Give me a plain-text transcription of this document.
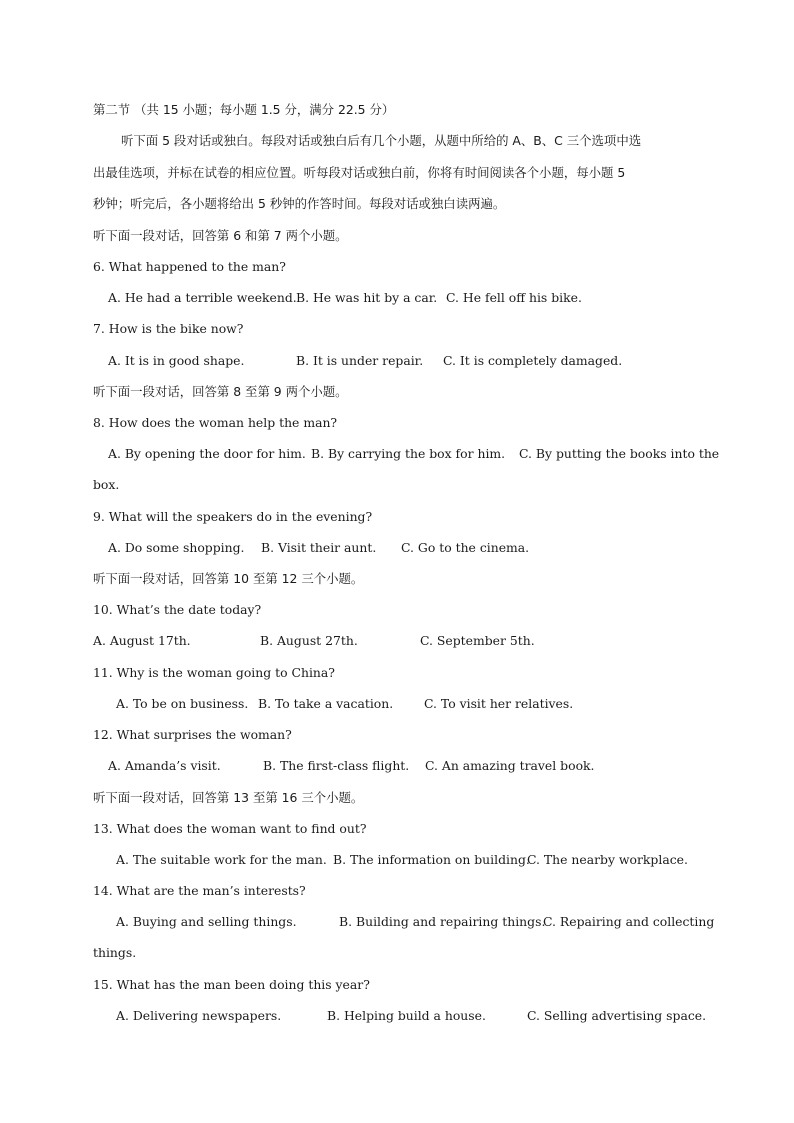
第二节 （共 15 小题；每小题 1.5 分，满分 22.5 分）
听下面 5 段对话或独白。每段对话或独白后有几个小题，从题中所给的 A、B、C 三个选项中选
出最佳选项，并标在试卷的相应位置。听每段对话或独白前，你将有时间阅读各个小题，每小题 5
秒钟；听完后，各小题将给出 5 秒钟的作答时间。每段对话或独白读两遍。
听下面一段对话，回答第 6 和第 7 两个小题。
6. What happened to the man?
A. He had a terrible weekend. B. He was hit by a car. C. He fell off his bike.
7. How is the bike now?
A. It is in good shape.	B. It is under repair. C. It is completely damaged.
听下面一段对话，回答第 8 至第 9 两个小题。
8. How does the woman help the man?
A. By opening the door for him. B. By carrying the box for him. C. By putting the books into the
box.
9. What will the speakers do in the evening?
A. Do some shopping. B. Visit their aunt. C. Go to the cinema.
听下面一段对话，回答第 10 至第 12 三个小题。
10. What’s the date today?
A. August 17th.	B. August 27th.	C. September 5th.
11. Why is the woman going to China?
A. To be on business. B. To take a vacation. C. To visit her relatives.
12. What surprises the woman?
A. Amanda’s visit.	B. The first-class flight. C. An amazing travel book.
听下面一段对话，回答第 13 至第 16 三个小题。
13. What does the woman want to find out?
A. The suitable work for the man. B. The information on building.
C. The nearby workplace.
14. What are the man’s interests?
A. Buying and selling things.	B. Building and repairing things.
C. Repairing and collecting
things.
15. What has the man been doing this year?
A. Delivering newspapers.	B. Helping build a house.	C. Selling advertising space.
